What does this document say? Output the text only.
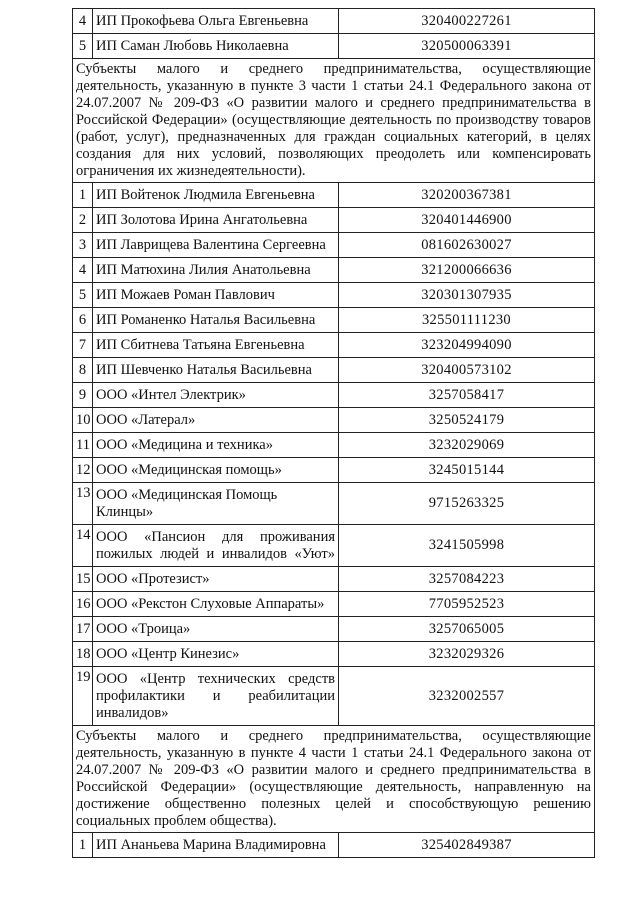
4	ИП Прокофьева Ольга Евгеньевна	320400227261
5	ИП Саман Любовь Николаевна	320500063391
Субъекты малого и среднего предпринимательства, осуществляющие деятельность, указанную в пункте 3 части 1 статьи 24.1 Федерального закона от 24.07.2007 № 209-ФЗ «О развитии малого и среднего предпринимательства в Российской Федерации» (осуществляющие деятельность по производству товаров (работ, услуг), предназначенных для граждан социальных категорий, в целях создания для них условий, позволяющих преодолеть или компенсировать ограничения их жизнедеятельности).		
1	ИП Войтенок Людмила Евгеньевна	320200367381
2	ИП Золотова Ирина Ангатольевна	320401446900
3	ИП Лаврищева Валентина Сергеевна	081602630027
4	ИП Матюхина Лилия Анатольевна	321200066636
5	ИП Можаев Роман Павлович	320301307935
6	ИП Романенко Наталья Васильевна	325501111230
7	ИП Сбитнева Татьяна Евгеньевна	323204994090
8	ИП Шевченко Наталья Васильевна	320400573102
9	ООО «Интел Электрик»	3257058417
10	ООО «Латерал»	3250524179
11	ООО «Медицина и техника»	3232029069
12	ООО «Медицинская помощь»	3245015144
13	ООО «Медицинская Помощь Клинцы»	9715263325
14	ООО «Пансион для проживания пожилых людей и инвалидов «Уют»	3241505998
15	ООО «Протезист»	3257084223
16	ООО «Рекстон Слуховые Аппараты»	7705952523
17	ООО «Троица»	3257065005
18	ООО «Центр Кинезис»	3232029326
19	ООО «Центр технических средств профилактики и реабилитации инвалидов»	3232002557
Субъекты малого и среднего предпринимательства, осуществляющие деятельность, указанную в пункте 4 части 1 статьи 24.1 Федерального закона от 24.07.2007 № 209-ФЗ «О развитии малого и среднего предпринимательства в Российской Федерации» (осуществляющие деятельность, направленную на достижение общественно полезных целей и способствующую решению социальных проблем общества).		
1	ИП Ананьева Марина Владимировна	325402849387
